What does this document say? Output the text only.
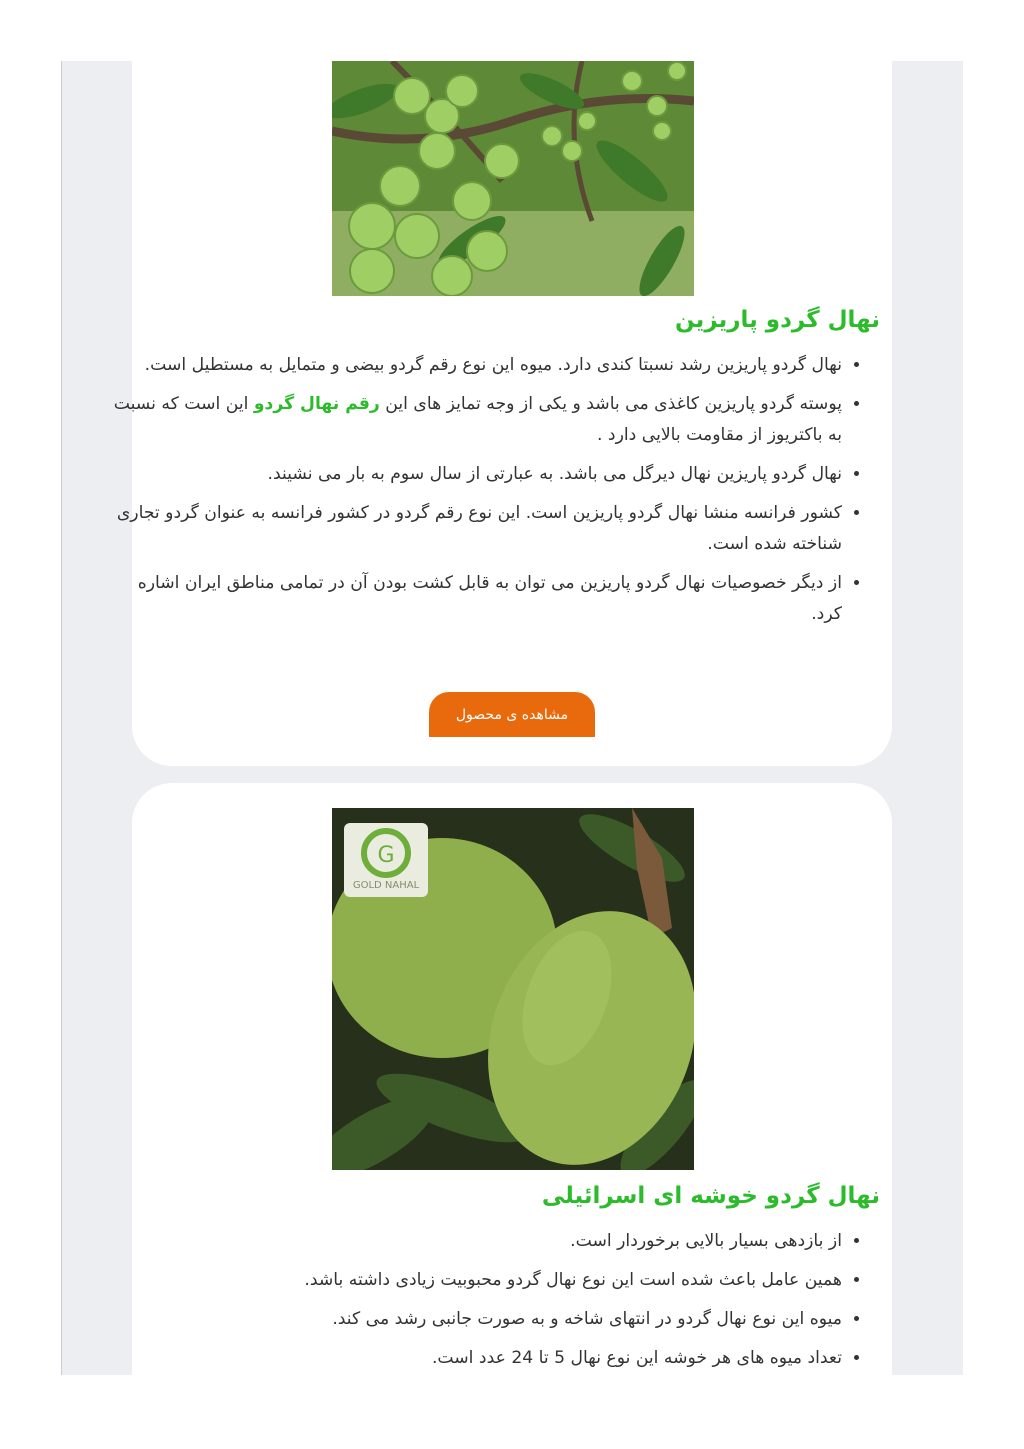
نهال گردو پاریزین
• نهال گردو پاریزین رشد نسبتا کندی دارد. میوه این نوع رقم گردو بیضی و متمایل به مستطیل است.
• پوسته گردو پاریزین کاغذی می باشد و یکی از وجه تمایز های این رقم نهال گردو این است که نسبت به باکتریوز از مقاومت بالایی دارد .
• نهال گردو پاریزین نهال دیرگل می باشد. به عبارتی از سال سوم به بار می نشیند.
• کشور فرانسه منشا نهال گردو پاریزین است. این نوع رقم گردو در کشور فرانسه به عنوان گردو تجاری شناخته شده است.
• از دیگر خصوصیات نهال گردو پاریزین می توان به قابل کشت بودن آن در تمامی مناطق ایران اشاره کرد.
مشاهده ی محصول
G
GOLD NAHAL
نهال گردو خوشه ای اسرائیلی
• از بازدهی بسیار بالایی برخوردار است.
• همین عامل باعث شده است این نوع نهال گردو محبوبیت زیادی داشته باشد.
• میوه این نوع نهال گردو در انتهای شاخه و به صورت جانبی رشد می کند.
• تعداد میوه های هر خوشه این نوع نهال 5 تا 24 عدد است.
